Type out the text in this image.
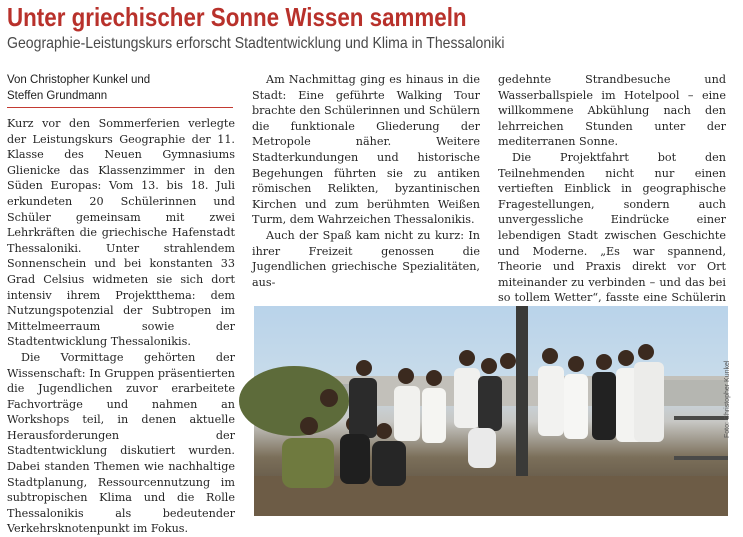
Unter griechischer Sonne Wissen sammeln
Geographie-Leistungskurs erforscht Stadtentwicklung und Klima in Thessaloniki
Von Christopher Kunkel und
Steffen Grundmann

Kurz vor den Sommerferien verlegte der Leistungskurs Geographie der 11. Klasse des Neuen Gymnasiums Glienicke das Klassenzimmer in den Süden Europas: Vom 13. bis 18. Juli erkundeten 20 Schülerinnen und Schüler gemeinsam mit zwei Lehrkräften die griechische Hafenstadt Thessaloniki. Unter strahlendem Sonnenschein und bei konstanten 33 Grad Celsius widmeten sie sich dort intensiv ihrem Projektthema: dem Nutzungspotenzial der Subtropen im Mittelmeerraum sowie der Stadtentwicklung Thessalonikis.

Die Vormittage gehörten der Wissenschaft: In Gruppen präsentierten die Jugendlichen zuvor erarbeitete Fachvorträge und nahmen an Workshops teil, in denen aktuelle Herausforderungen der Stadtentwicklung diskutiert wurden. Dabei standen Themen wie nachhaltige Stadtplanung, Ressourcennutzung im subtropischen Klima und die Rolle Thessalonikis als bedeutender Verkehrsknotenpunkt im Fokus.

Am Nachmittag ging es hinaus in die Stadt: Eine geführte Walking Tour brachte den Schülerinnen und Schülern die funktionale Gliederung der Metropole näher. Weitere Stadterkundungen und historische Begehungen führten sie zu antiken römischen Relikten, byzantinischen Kirchen und zum berühmten Weißen Turm, dem Wahrzeichen Thessalonikis.

Auch der Spaß kam nicht zu kurz: In ihrer Freizeit genossen die Jugendlichen griechische Spezialitäten, aus-

gedehnte Strandbesuche und Wasserballspiele im Hotelpool – eine willkommene Abkühlung nach den lehrreichen Stunden unter der mediterranen Sonne.

Die Projektfahrt bot den Teilnehmenden nicht nur einen vertieften Einblick in geographische Fragestellungen, sondern auch unvergessliche Eindrücke einer lebendigen Stadt zwischen Geschichte und Moderne. „Es war spannend, Theorie und Praxis direkt vor Ort miteinander zu verbinden – und das bei so tollem Wetter“, fasste eine Schülerin

Foto: Christopher Kunkel
